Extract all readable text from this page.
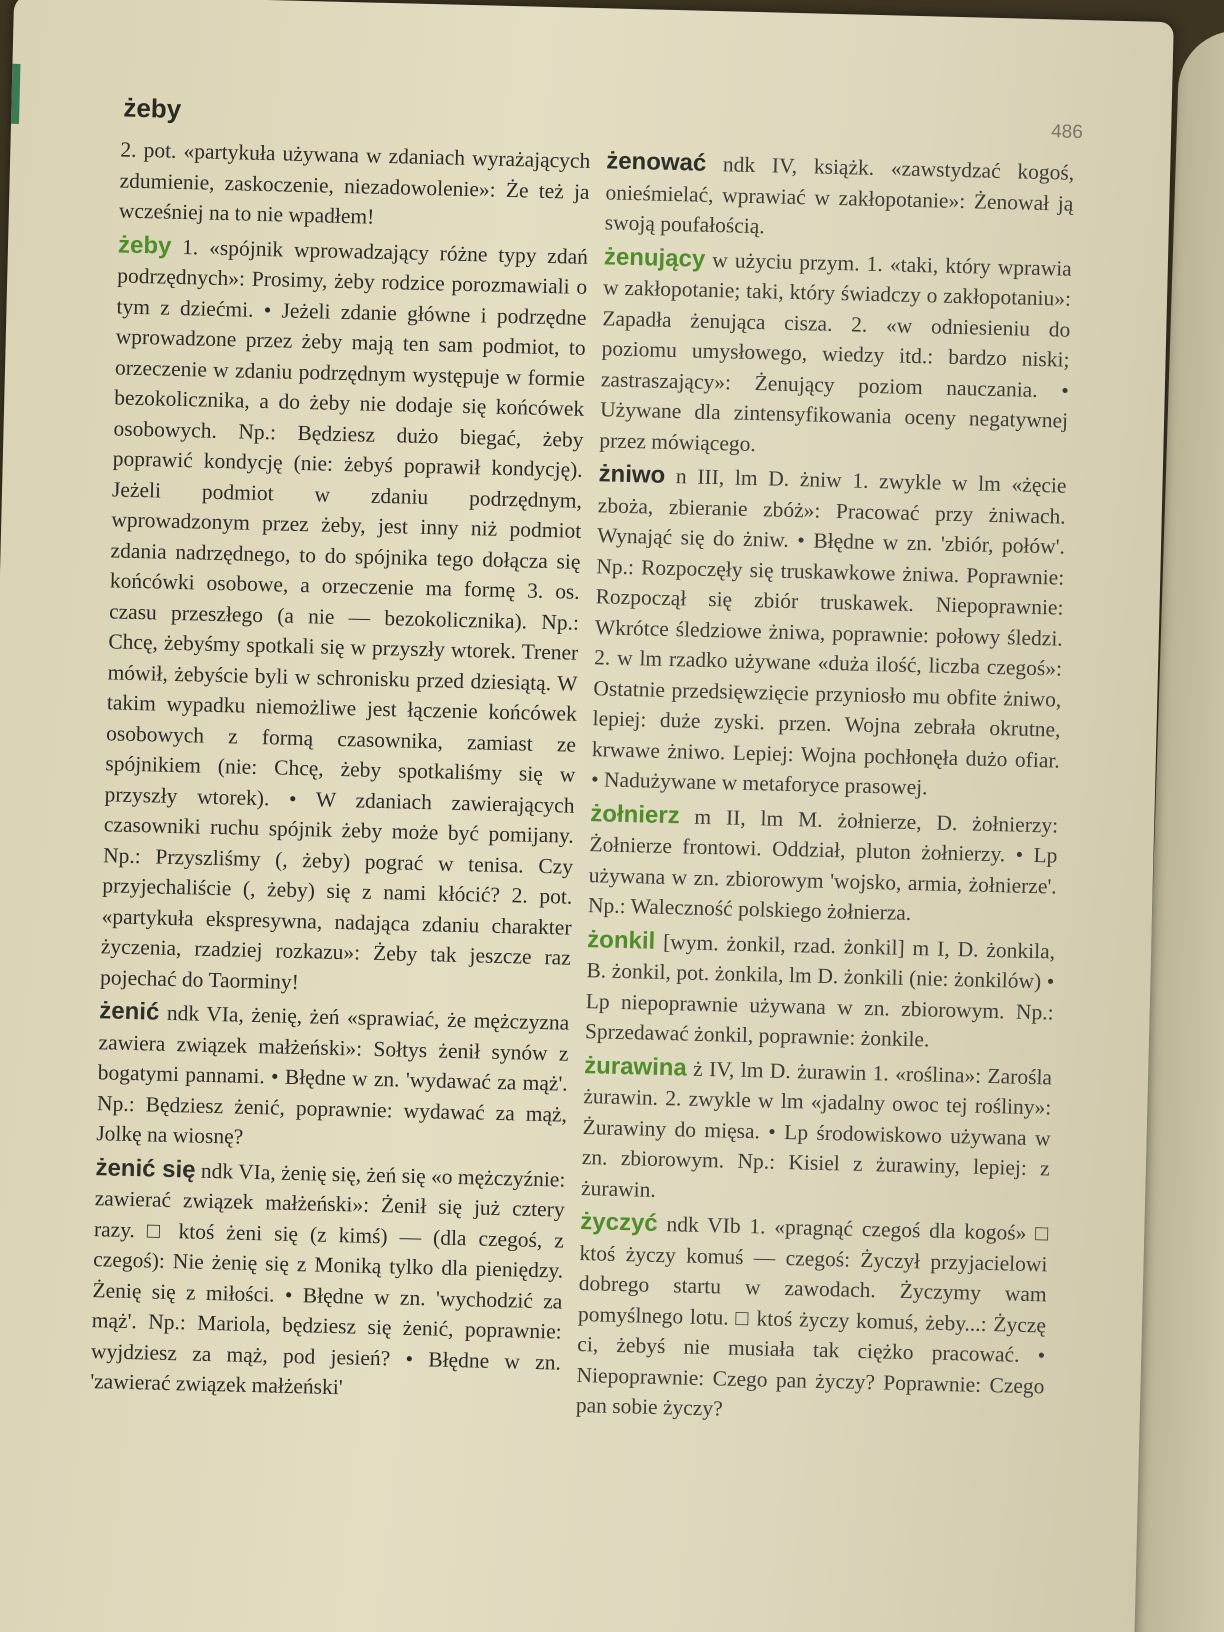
żeby
486

2. pot. «partykuła używana w zdaniach wyrażających zdumienie, zaskoczenie, niezadowolenie»: Że też ja wcześniej na to nie wpadłem!

żeby 1. «spójnik wprowadzający różne typy zdań podrzędnych»: Prosimy, żeby rodzice porozmawiali o tym z dziećmi. • Jeżeli zdanie główne i podrzędne wprowadzone przez żeby mają ten sam podmiot, to orzeczenie w zdaniu podrzędnym występuje w formie bezokolicznika, a do żeby nie dodaje się końcówek osobowych. Np.: Będziesz dużo biegać, żeby poprawić kondycję (nie: żebyś poprawił kondycję). Jeżeli podmiot w zdaniu podrzędnym, wprowadzonym przez żeby, jest inny niż podmiot zdania nadrzędnego, to do spójnika tego dołącza się końcówki osobowe, a orzeczenie ma formę 3. os. czasu przeszłego (a nie — bezokolicznika). Np.: Chcę, żebyśmy spotkali się w przyszły wtorek. Trener mówił, żebyście byli w schronisku przed dziesiątą. W takim wypadku niemożliwe jest łączenie końcówek osobowych z formą czasownika, zamiast ze spójnikiem (nie: Chcę, żeby spotkaliśmy się w przyszły wtorek). • W zdaniach zawierających czasowniki ruchu spójnik żeby może być pomijany. Np.: Przyszliśmy (, żeby) pograć w tenisa. Czy przyjechaliście (, żeby) się z nami kłócić? 2. pot. «partykuła ekspresywna, nadająca zdaniu charakter życzenia, rzadziej rozkazu»: Żeby tak jeszcze raz pojechać do Taorminy!

żenić ndk VIa, żenię, żeń «sprawiać, że mężczyzna zawiera związek małżeński»: Sołtys żenił synów z bogatymi pannami. • Błędne w zn. 'wydawać za mąż'. Np.: Będziesz żenić, poprawnie: wydawać za mąż, Jolkę na wiosnę?

żenić się ndk VIa, żenię się, żeń się «o mężczyźnie: zawierać związek małżeński»: Żenił się już cztery razy. □ ktoś żeni się (z kimś) — (dla czegoś, z czegoś): Nie żenię się z Moniką tylko dla pieniędzy. Żenię się z miłości. • Błędne w zn. 'wychodzić za mąż'. Np.: Mariola, będziesz się żenić, poprawnie: wyjdziesz za mąż, pod jesień? • Błędne w zn. 'zawierać związek małżeński'

żenować ndk IV, książk. «zawstydzać kogoś, onieśmielać, wprawiać w zakłopotanie»: Żenował ją swoją poufałością.

żenujący w użyciu przym. 1. «taki, który wprawia w zakłopotanie; taki, który świadczy o zakłopotaniu»: Zapadła żenująca cisza. 2. «w odniesieniu do poziomu umysłowego, wiedzy itd.: bardzo niski; zastraszający»: Żenujący poziom nauczania. • Używane dla zintensyfikowania oceny negatywnej przez mówiącego.

żniwo n III, lm D. żniw 1. zwykle w lm «żęcie zboża, zbieranie zbóż»: Pracować przy żniwach. Wynająć się do żniw. • Błędne w zn. 'zbiór, połów'. Np.: Rozpoczęły się truskawkowe żniwa. Poprawnie: Rozpoczął się zbiór truskawek. Niepoprawnie: Wkrótce śledziowe żniwa, poprawnie: połowy śledzi. 2. w lm rzadko używane «duża ilość, liczba czegoś»: Ostatnie przedsięwzięcie przyniosło mu obfite żniwo, lepiej: duże zyski. przen. Wojna zebrała okrutne, krwawe żniwo. Lepiej: Wojna pochłonęła dużo ofiar. • Nadużywane w metaforyce prasowej.

żołnierz m II, lm M. żołnierze, D. żołnierzy: Żołnierze frontowi. Oddział, pluton żołnierzy. • Lp używana w zn. zbiorowym 'wojsko, armia, żołnierze'. Np.: Waleczność polskiego żołnierza.

żonkil [wym. żonkil, rzad. żonkil] m I, D. żonkila, B. żonkil, pot. żonkila, lm D. żonkili (nie: żonkilów) • Lp niepoprawnie używana w zn. zbiorowym. Np.: Sprzedawać żonkil, poprawnie: żonkile.

żurawina ż IV, lm D. żurawin 1. «roślina»: Zarośla żurawin. 2. zwykle w lm «jadalny owoc tej rośliny»: Żurawiny do mięsa. • Lp środowiskowo używana w zn. zbiorowym. Np.: Kisiel z żurawiny, lepiej: z żurawin.

życzyć ndk VIb 1. «pragnąć czegoś dla kogoś» □ ktoś życzy komuś — czegoś: Życzył przyjacielowi dobrego startu w zawodach. Życzymy wam pomyślnego lotu. □ ktoś życzy komuś, żeby...: Życzę ci, żebyś nie musiała tak ciężko pracować. • Niepoprawnie: Czego pan życzy? Poprawnie: Czego pan sobie życzy?
